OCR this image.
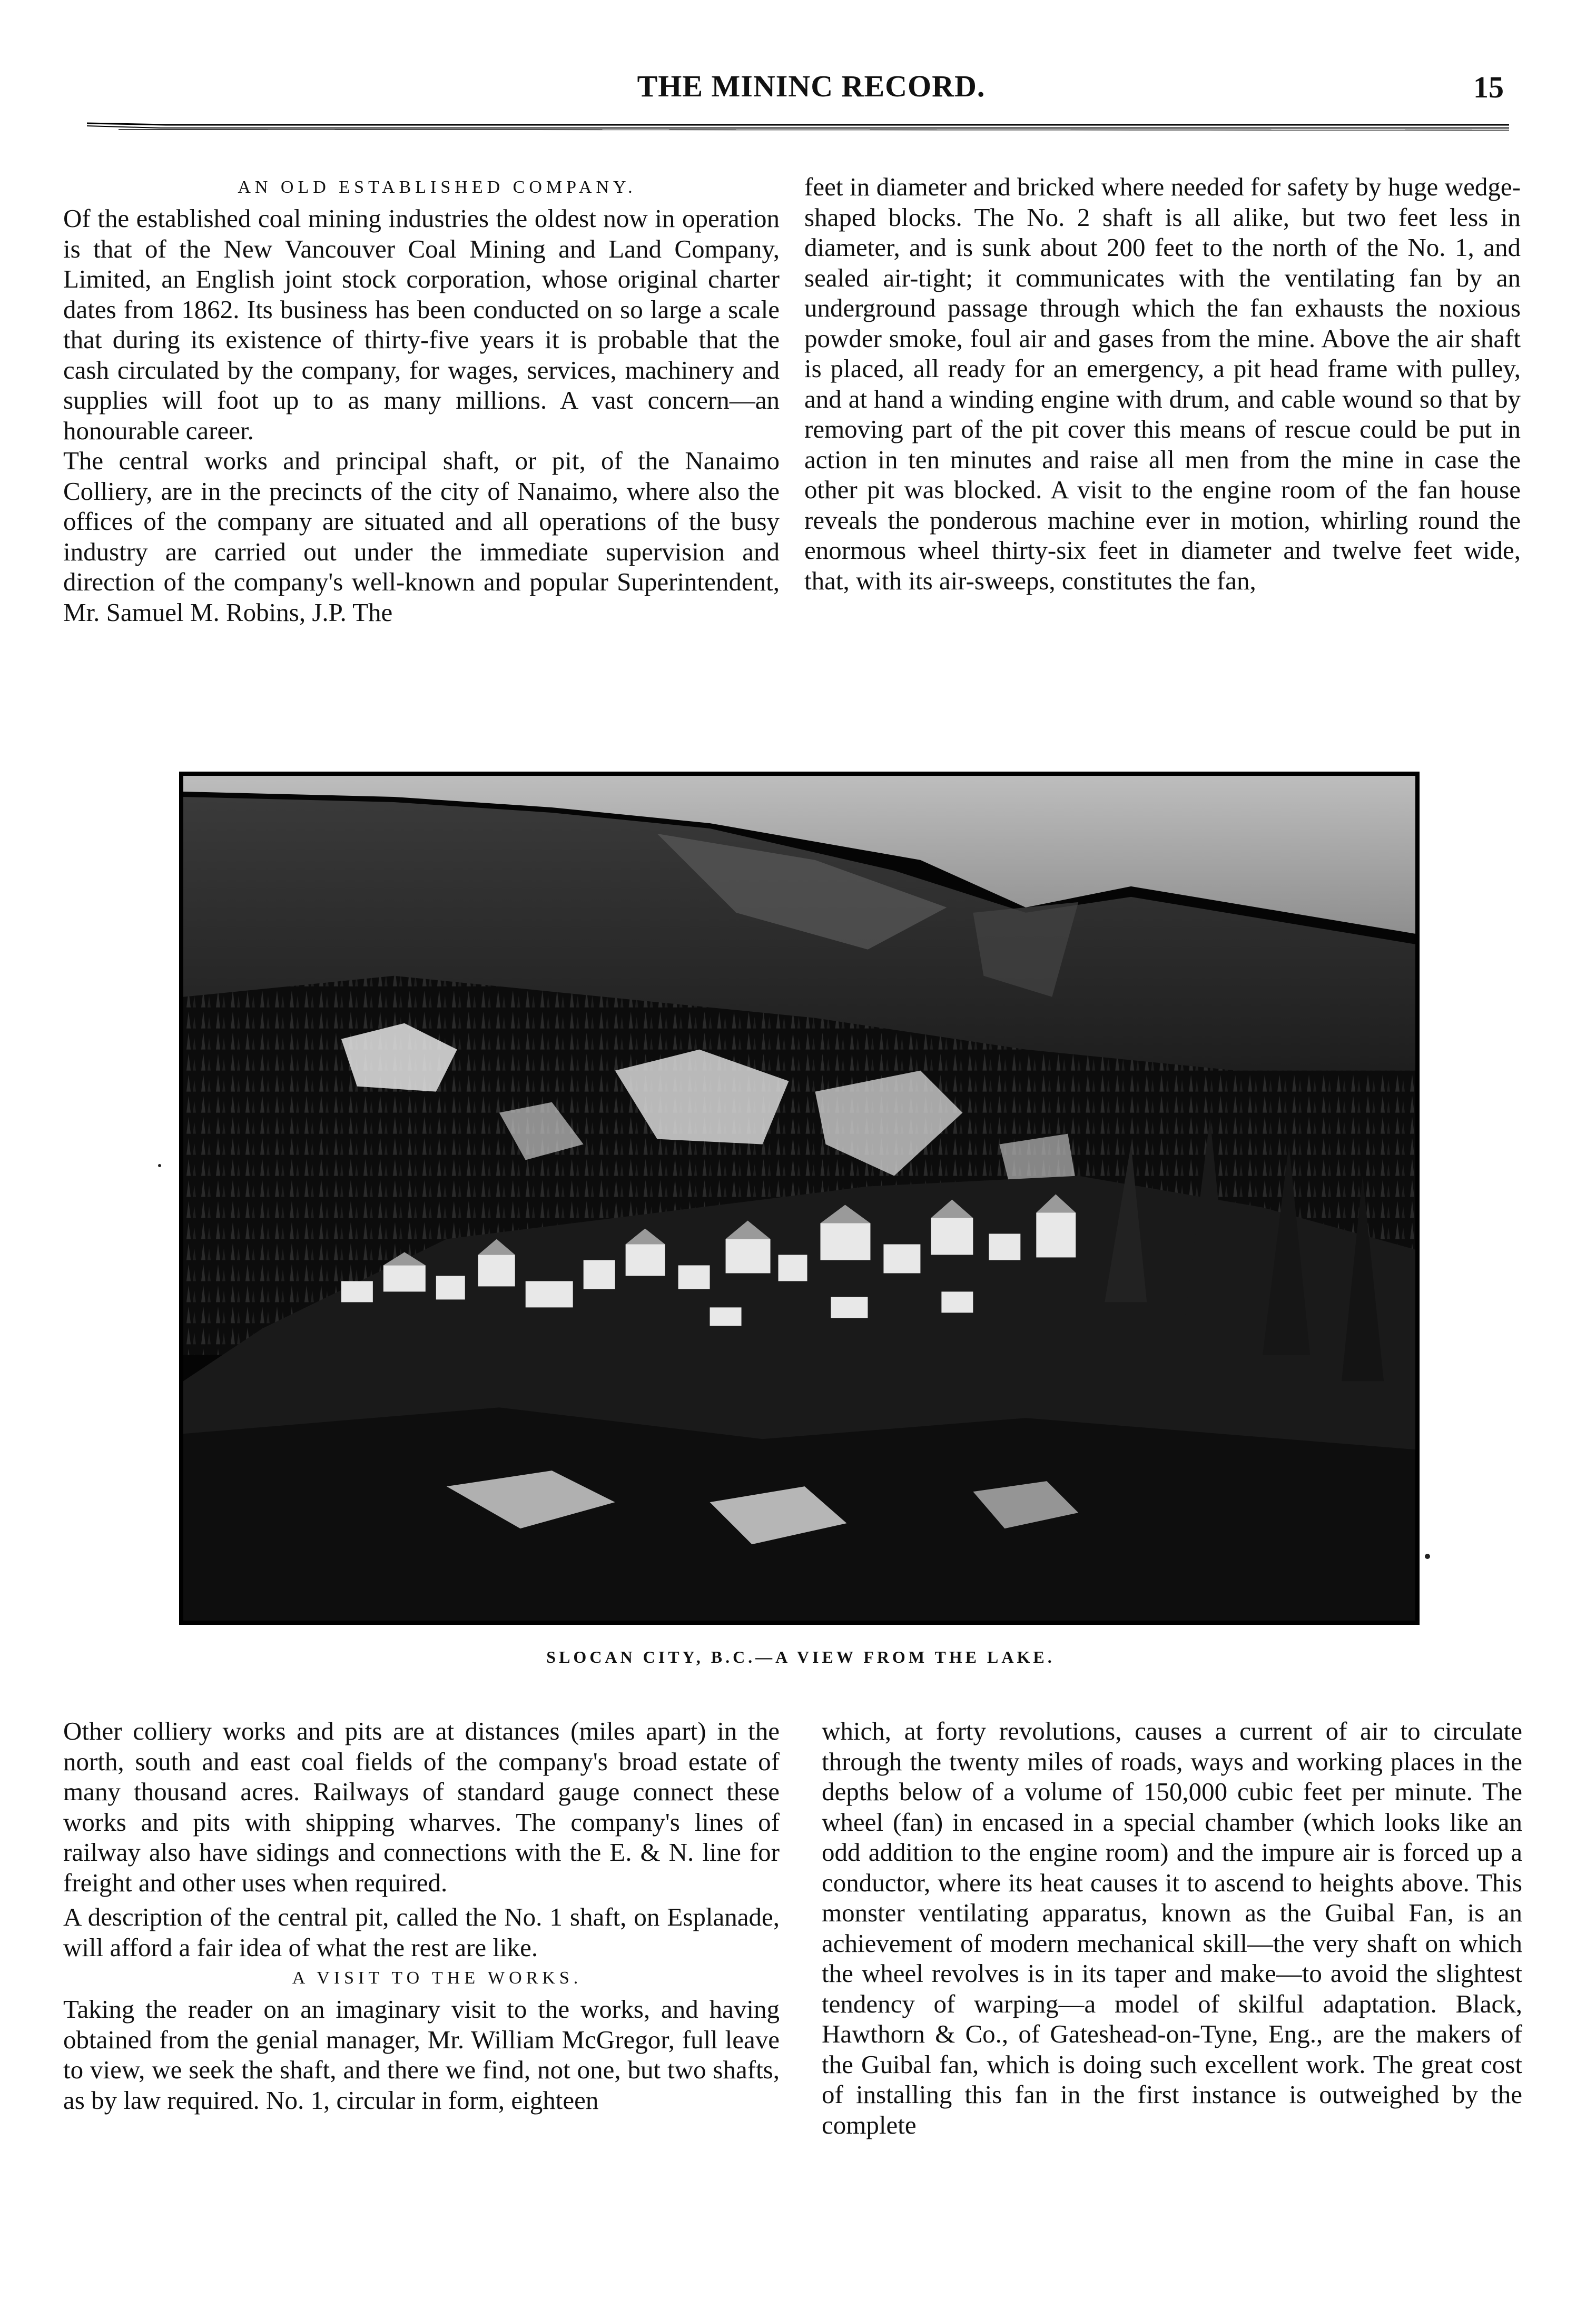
THE MININC RECORD.	15

AN OLD ESTABLISHED COMPANY.

Of the established coal mining industries the oldest now in operation is that of the New Vancouver Coal Mining and Land Company, Limited, an English joint stock corporation, whose original charter dates from 1862. Its business has been conducted on so large a scale that during its existence of thirty-five years it is probable that the cash circulated by the company, for wages, services, machinery and supplies will foot up to as many millions. A vast concern—an honourable career.

The central works and principal shaft, or pit, of the Nanaimo Colliery, are in the precincts of the city of Nanaimo, where also the offices of the company are situated and all operations of the busy industry are carried out under the immediate supervision and direction of the company's well-known and popular Superintendent, Mr. Samuel M. Robins, J.P. The

feet in diameter and bricked where needed for safety by huge wedge-shaped blocks. The No. 2 shaft is all alike, but two feet less in diameter, and is sunk about 200 feet to the north of the No. 1, and sealed air-tight; it communicates with the ventilating fan by an underground passage through which the fan exhausts the noxious powder smoke, foul air and gases from the mine. Above the air shaft is placed, all ready for an emergency, a pit head frame with pulley, and at hand a winding engine with drum, and cable wound so that by removing part of the pit cover this means of rescue could be put in action in ten minutes and raise all men from the mine in case the other pit was blocked. A visit to the engine room of the fan house reveals the ponderous machine ever in motion, whirling round the enormous wheel thirty-six feet in diameter and twelve feet wide, that, with its air-sweeps, constitutes the fan,

SLOCAN CITY, B.C.—A VIEW FROM THE LAKE.

Other colliery works and pits are at distances (miles apart) in the north, south and east coal fields of the company's broad estate of many thousand acres. Railways of standard gauge connect these works and pits with shipping wharves. The company's lines of railway also have sidings and connections with the E. & N. line for freight and other uses when required.

A description of the central pit, called the No. 1 shaft, on Esplanade, will afford a fair idea of what the rest are like.

A VISIT TO THE WORKS.

Taking the reader on an imaginary visit to the works, and having obtained from the genial manager, Mr. William McGregor, full leave to view, we seek the shaft, and there we find, not one, but two shafts, as by law required. No. 1, circular in form, eighteen

which, at forty revolutions, causes a current of air to circulate through the twenty miles of roads, ways and working places in the depths below of a volume of 150,000 cubic feet per minute. The wheel (fan) in encased in a special chamber (which looks like an odd addition to the engine room) and the impure air is forced up a conductor, where its heat causes it to ascend to heights above. This monster ventilating apparatus, known as the Guibal Fan, is an achievement of modern mechanical skill—the very shaft on which the wheel revolves is in its taper and make—to avoid the slightest tendency of warping—a model of skilful adaptation. Black, Hawthorn & Co., of Gateshead-on-Tyne, Eng., are the makers of the Guibal fan, which is doing such excellent work. The great cost of installing this fan in the first instance is outweighed by the complete
